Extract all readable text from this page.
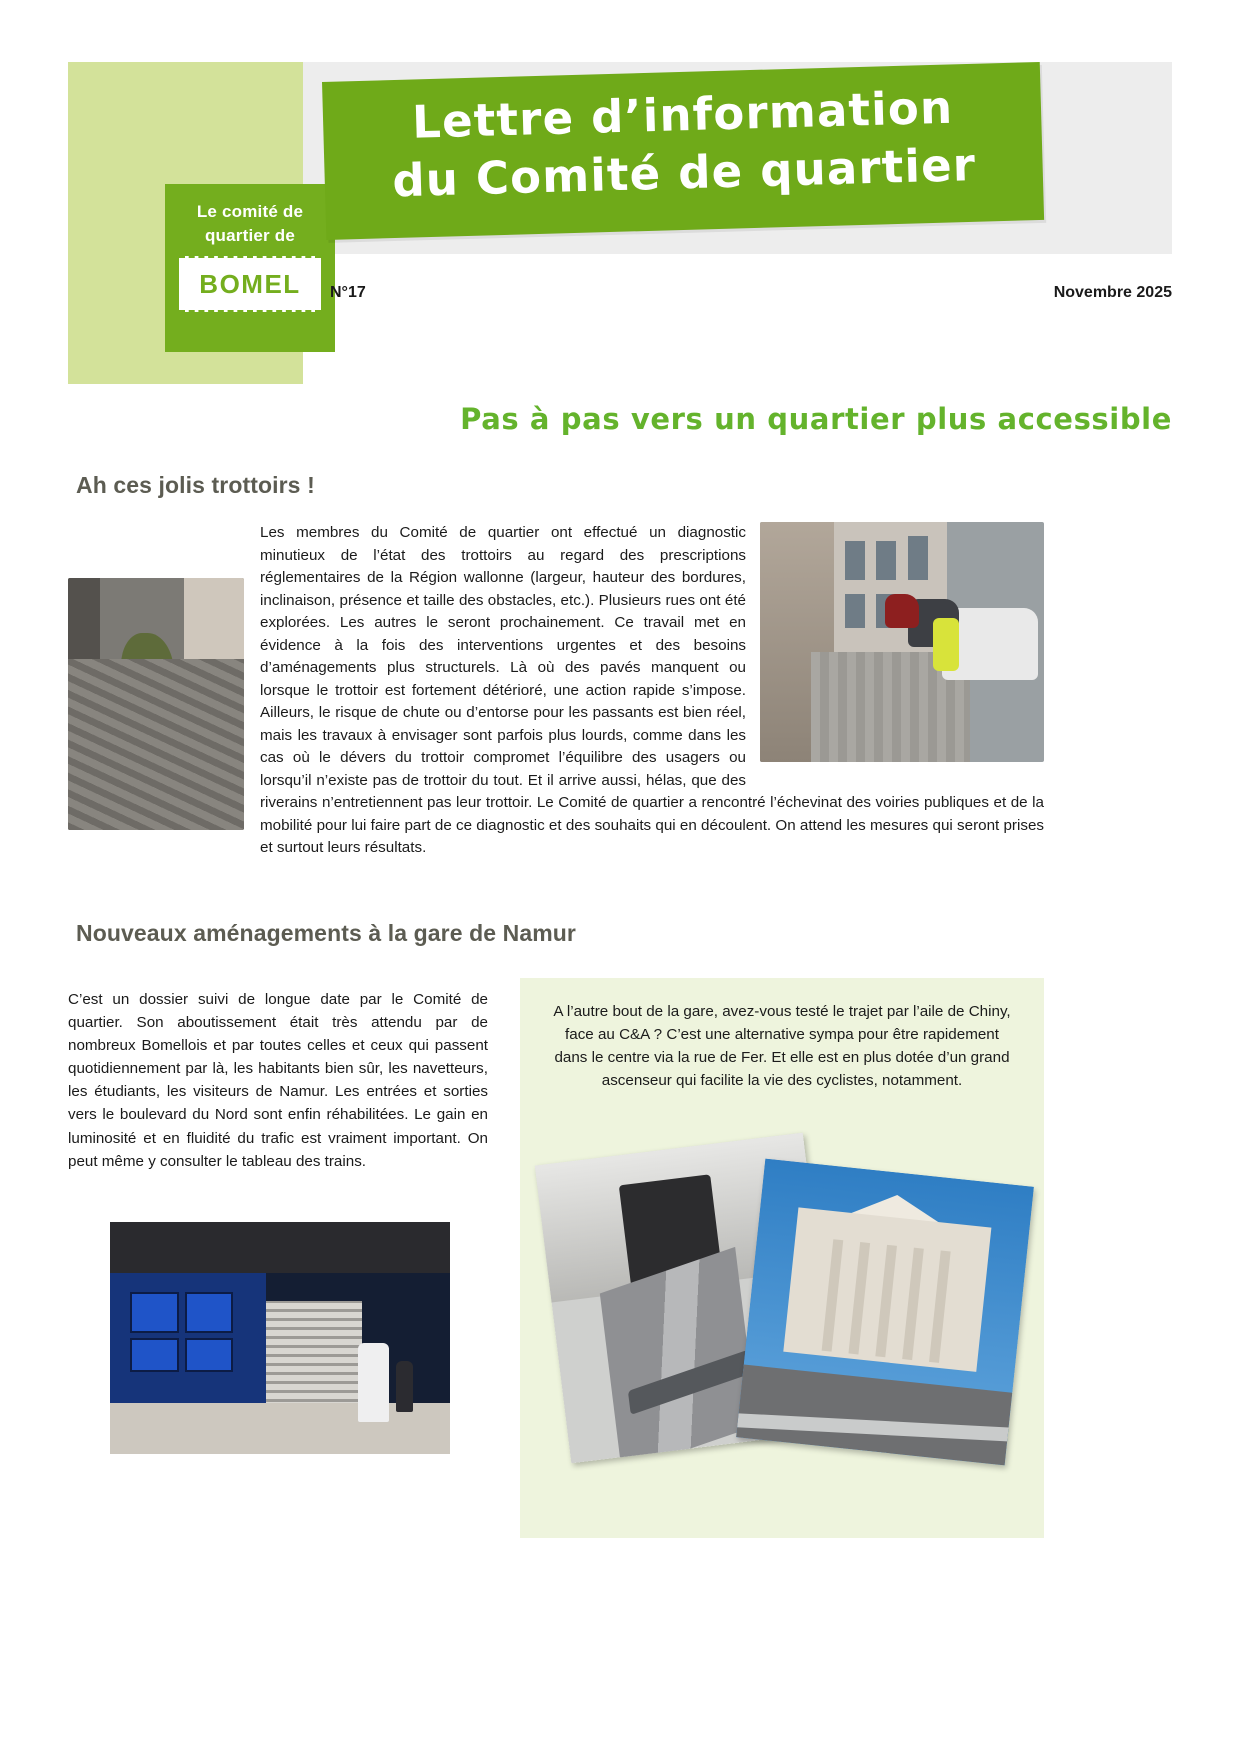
Le comité de
quartier de
BOMEL
Lettre d’information
du Comité de quartier
N°17	Novembre 2025
Pas à pas vers un quartier plus accessible
Ah ces jolis trottoirs !
Les membres du Comité de quartier ont effectué un diagnostic minutieux de l’état des trottoirs au regard des prescriptions réglementaires de la Région wallonne (largeur, hauteur des bordures, inclinaison, présence et taille des obstacles, etc.). Plusieurs rues ont été explorées. Les autres le seront prochainement. Ce travail met en évidence à la fois des interventions urgentes et des besoins d’aménagements plus structurels. Là où des pavés manquent ou lorsque le trottoir est fortement détérioré, une action rapide s’impose. Ailleurs, le risque de chute ou d’entorse pour les passants est bien réel, mais les travaux à envisager sont parfois plus lourds, comme dans les cas où le dévers du trottoir compromet l’équilibre des usagers ou lorsqu’il n’existe pas de trottoir du tout. Et il arrive aussi, hélas, que des riverains n’entretiennent pas leur trottoir. Le Comité de quartier a rencontré l’échevinat des voiries publiques et de la mobilité pour lui faire part de ce diagnostic et des souhaits qui en découlent. On attend les mesures qui seront prises et surtout leurs résultats.
Nouveaux aménagements à la gare de Namur
C’est un dossier suivi de longue date par le Comité de quartier. Son aboutissement était très attendu par de nombreux Bomellois et par toutes celles et ceux qui passent quotidiennement par là, les habitants bien sûr, les navetteurs, les étudiants, les visiteurs de Namur. Les entrées et sorties vers le boulevard du Nord sont enfin réhabilitées. Le gain en luminosité et en fluidité du trafic est vraiment important. On peut même y consulter le tableau des trains.
A l’autre bout de la gare, avez-vous testé le trajet par l’aile de Chiny, face au C&A ? C’est une alternative sympa pour être rapidement dans le centre via la rue de Fer. Et elle est en plus dotée d’un grand ascenseur qui facilite la vie des cyclistes, notamment.
